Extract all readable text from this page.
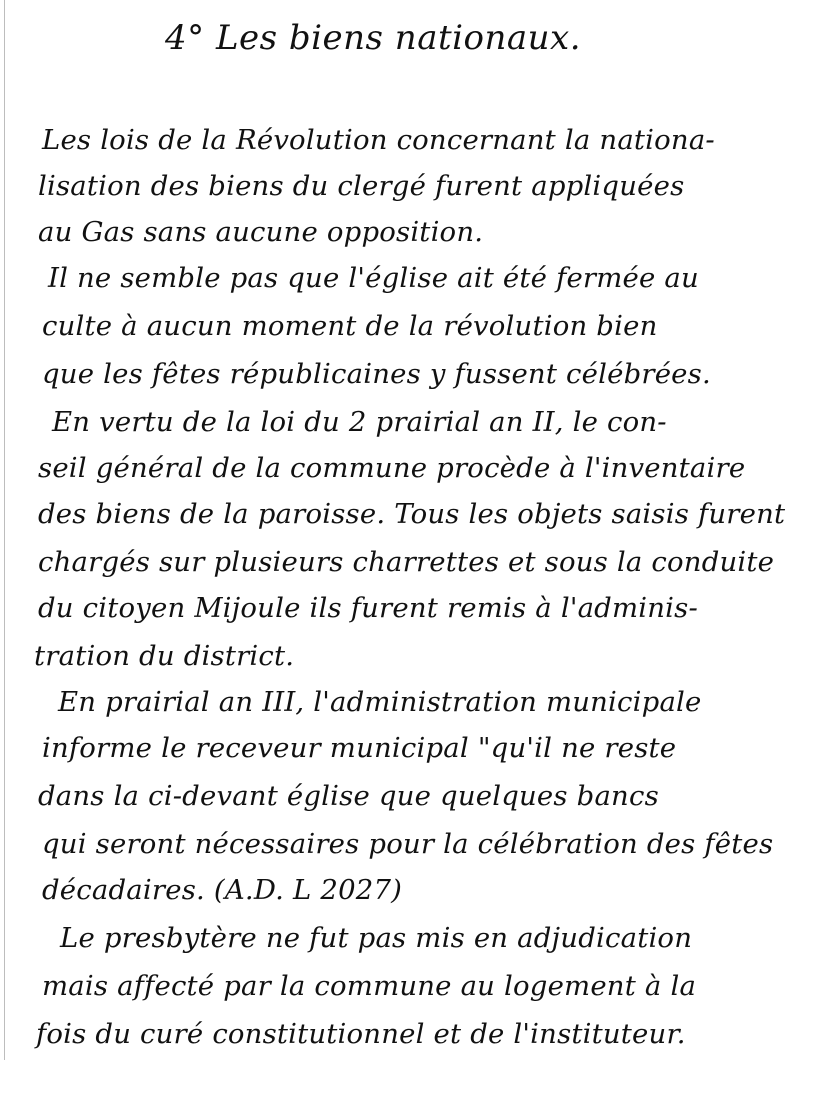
4° Les biens nationaux.
Les lois de la Révolution concernant la nationa-
lisation des biens du clergé furent appliquées
au Gas sans aucune opposition.
Il ne semble pas que l'église ait été fermée au
culte à aucun moment de la révolution bien
que les fêtes républicaines y fussent célébrées.
En vertu de la loi du 2 prairial an II, le con-
seil général de la commune procède à l'inventaire
des biens de la paroisse. Tous les objets saisis furent
chargés sur plusieurs charrettes et sous la conduite
du citoyen Mijoule ils furent remis à l'adminis-
tration du district.
En prairial an III, l'administration municipale
informe le receveur municipal "qu'il ne reste
dans la ci-devant église que quelques bancs
qui seront nécessaires pour la célébration des fêtes
décadaires. (A.D. L 2027)
Le presbytère ne fut pas mis en adjudication
mais affecté par la commune au logement à la
fois du curé constitutionnel et de l'instituteur.
